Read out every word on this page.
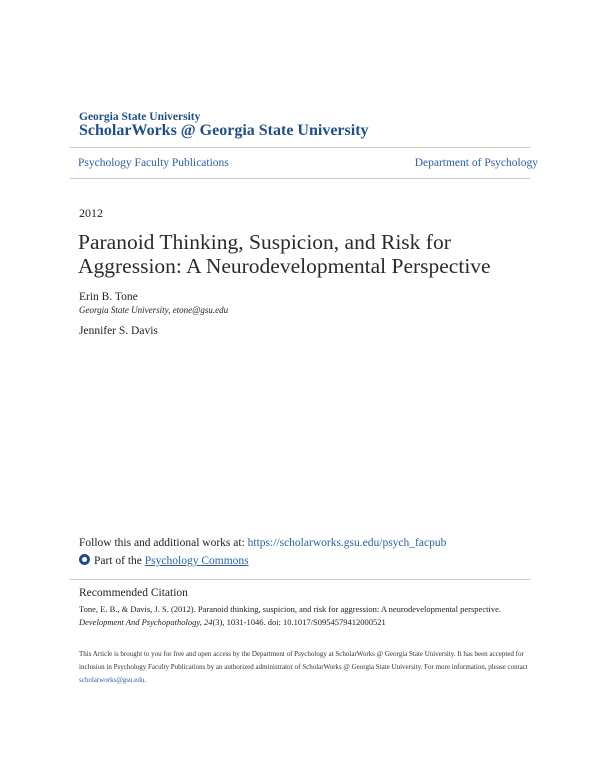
Georgia State University
ScholarWorks @ Georgia State University
Psychology Faculty Publications	Department of Psychology
2012
Paranoid Thinking, Suspicion, and Risk for
Aggression: A Neurodevelopmental Perspective
Erin B. Tone
Georgia State University, etone@gsu.edu
Jennifer S. Davis
Follow this and additional works at: https://scholarworks.gsu.edu/psych_facpub
Part of the Psychology Commons
Recommended Citation
Tone, E. B., & Davis, J. S. (2012). Paranoid thinking, suspicion, and risk for aggression: A neurodevelopmental perspective.
Development And Psychopathology, 24(3), 1031-1046. doi: 10.1017/S0954579412000521
This Article is brought to you for free and open access by the Department of Psychology at ScholarWorks @ Georgia State University. It has been accepted for inclusion in Psychology Faculty Publications by an authorized administrator of ScholarWorks @ Georgia State University. For more information, please contact scholarworks@gsu.edu.
